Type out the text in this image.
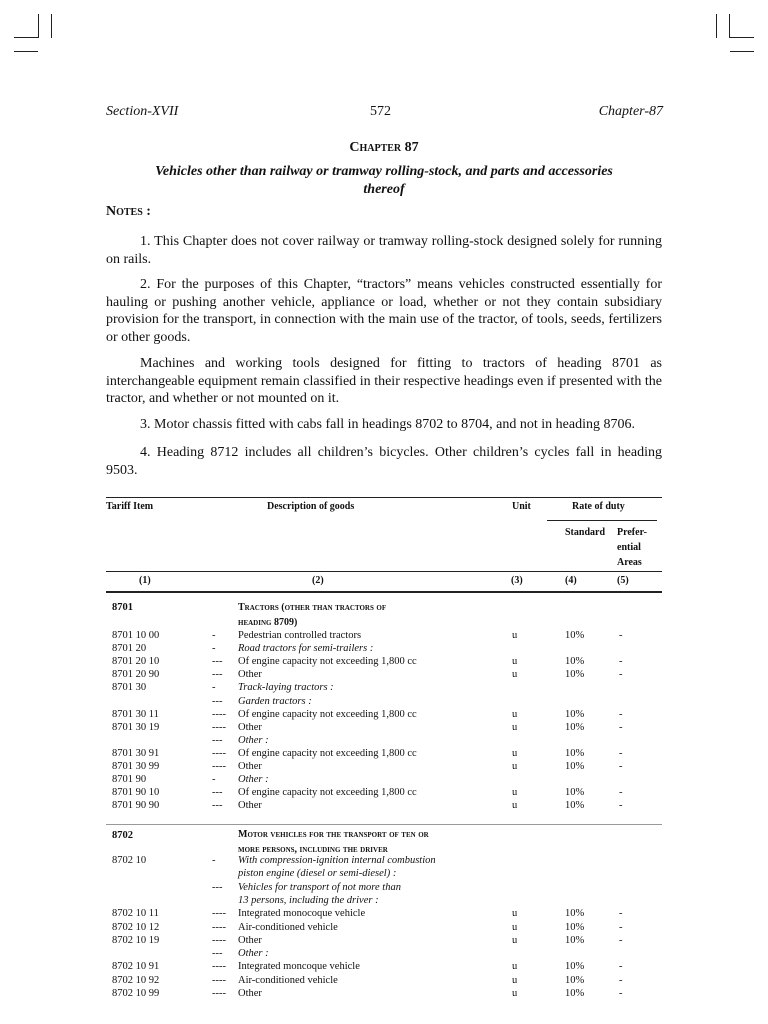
Section-XVII	572	Chapter-87
Chapter 87
Vehicles other than railway or tramway rolling-stock, and parts and accessories thereof
Notes :

1. This Chapter does not cover railway or tramway rolling-stock designed solely for running on rails.

2. For the purposes of this Chapter, “tractors” means vehicles constructed essentially for hauling or pushing another vehicle, appliance or load, whether or not they contain subsidiary provision for the transport, in connection with the main use of the tractor, of tools, seeds, fertilizers or other goods.

Machines and working tools designed for fitting to tractors of heading 8701 as interchangeable equipment remain classified in their respective headings even if presented with the tractor, and whether or not mounted on it.

3. Motor chassis fitted with cabs fall in headings 8702 to 8704, and not in heading 8706.

4. Heading 8712 includes all children’s bicycles. Other children’s cycles fall in heading 9503.

Tariff Item	Description of goods	Unit	Rate of duty
Standard Prefer-
ential
Areas
(1)	(2)	(3)	(4)	(5)
8701	Tractors (other than tractors of
heading 8709)
8701 10 00	- Pedestrian controlled tractors	u	10%	-
8701 20	- Road tractors for semi-trailers :
8701 20 10	--- Of engine capacity not exceeding 1,800 cc	u	10%	-
8701 20 90	--- Other	u	10%	-
8701 30	- Track-laying tractors :
--- Garden tractors :
8701 30 11	---- Of engine capacity not exceeding 1,800 cc	u	10%	-
8701 30 19	---- Other	u	10%	-
--- Other :
8701 30 91	---- Of engine capacity not exceeding 1,800 cc	u	10%	-
8701 30 99	---- Other	u	10%	-
8701 90	- Other :
8701 90 10	--- Of engine capacity not exceeding 1,800 cc	u	10%	-
8701 90 90	--- Other	u	10%	-
8702	Motor vehicles for the transport of ten or
more persons, including the driver
8702 10	- With compression-ignition internal combustion
piston engine (diesel or semi-diesel) :
--- Vehicles for transport of not more than
13 persons, including the driver :
8702 10 11	---- Integrated monocoque vehicle	u	10%	-
8702 10 12	---- Air-conditioned vehicle	u	10%	-
8702 10 19	---- Other	u	10%	-
--- Other :
8702 10 91	---- Integrated moncoque vehicle	u	10%	-
8702 10 92	---- Air-conditioned vehicle	u	10%	-
8702 10 99	---- Other	u	10%	-
